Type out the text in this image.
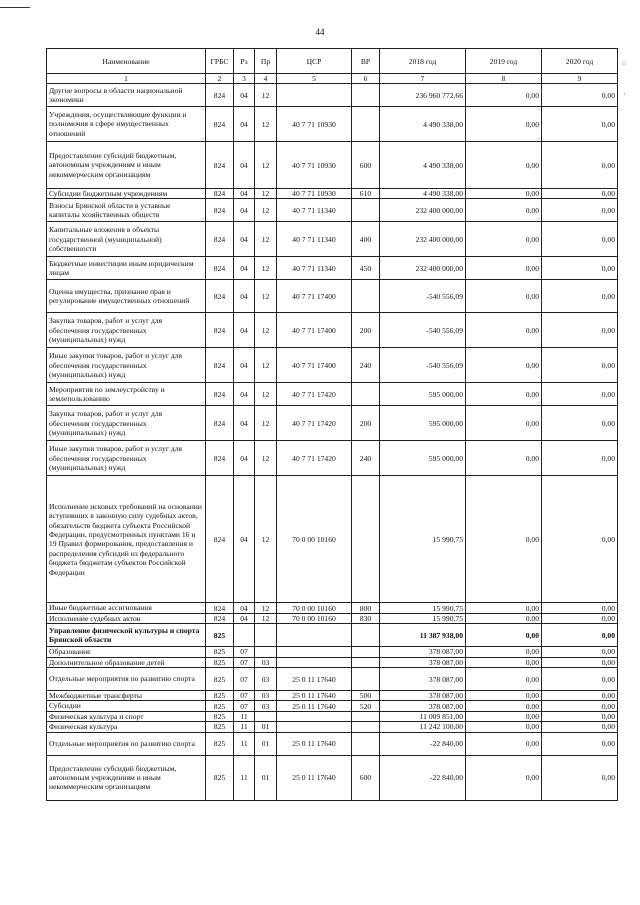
44
=
'
Наименование	ГРБС	Рз	Пр	ЦСР	ВР	2018 год	2019 год	2020 год
1	2	3	4	5	6	7	8	9
Другие вопросы в области национальной экономики	824	04	12			236 960 772,66	0,00	0,00
Учреждения, осуществляющие функции и полномочия в сфере имущественных отношений	824	04	12	40 7 71 10930		4 490 338,00	0,00	0,00
Предоставление субсидий бюджетным, автономным учреждениям и иным некоммерческим организациям	824	04	12	40 7 71 10930	600	4 490 338,00	0,00	0,00
Субсидии бюджетным учреждениям	824	04	12	40 7 71 10930	610	4 490 338,00	0,00	0,00
Взносы Брянской области в уставные капиталы хозяйственных обществ	824	04	12	40 7 71 11340		232 400 000,00	0,00	0,00
Капитальные вложения в объекты государственной (муниципальной) собственности	824	04	12	40 7 71 11340	400	232 400 000,00	0,00	0,00
Бюджетные инвестиции иным юридическим лицам	824	04	12	40 7 71 11340	450	232 400 000,00	0,00	0,00
Оценка имущества, признание прав и регулирование имущественных отношений	824	04	12	40 7 71 17400		-540 556,09	0,00	0,00
Закупка товаров, работ и услуг для обеспечения государственных (муниципальных) нужд	824	04	12	40 7 71 17400	200	-540 556,09	0,00	0,00
Иные закупки товаров, работ и услуг для обеспечения государственных (муниципальных) нужд	824	04	12	40 7 71 17400	240	-540 556,09	0,00	0,00
Мероприятия по землеустройству и землепользованию	824	04	12	40 7 71 17420		595 000,00	0,00	0,00
Закупка товаров, работ и услуг для обеспечения государственных (муниципальных) нужд	824	04	12	40 7 71 17420	200	595 000,00	0,00	0,00
Иные закупки товаров, работ и услуг для обеспечения государственных (муниципальных) нужд	824	04	12	40 7 71 17420	240	595 000,00	0,00	0,00
Исполнение исковых требований на основании вступивших в законную силу судебных актов, обязательств бюджета субъекта Российской Федерации, предусмотренных пунктами 16 и 19 Правил формирования, предоставления и распределения субсидий из федерального бюджета бюджетам субъектов Российской Федерации	824	04	12	70 0 00 10160		15 990,75	0,00	0,00
Иные бюджетные ассигнования	824	04	12	70 0 00 10160	800	15 990,75	0,00	0,00
Исполнение судебных актов	824	04	12	70 0 00 10160	830	15 990,75	0,00	0,00
Управление физической культуры и спорта Брянской области	825					11 387 938,00	0,00	0,00
Образование	825	07				378 087,00	0,00	0,00
Дополнительное образование детей	825	07	03			378 087,00	0,00	0,00
Отдельные мероприятия по развитию спорта	825	07	03	25 0 11 17640		378 087,00	0,00	0,00
Межбюджетные трансферты	825	07	03	25 0 11 17640	500	378 087,00	0,00	0,00
Субсидии	825	07	03	25 0 11 17640	520	378 087,00	0,00	0,00
Физическая культура и спорт	825	11				11 009 851,00	0,00	0,00
Физическая культура	825	11	01			11 242 100,00	0,00	0,00
Отдельные мероприятия по развитию спорта	825	11	01	25 0 11 17640		-22 840,00	0,00	0,00
Предоставление субсидий бюджетным, автономным учреждениям и иным некоммерческим организациям	825	11	01	25 0 11 17640	600	-22 840,00	0,00	0,00
